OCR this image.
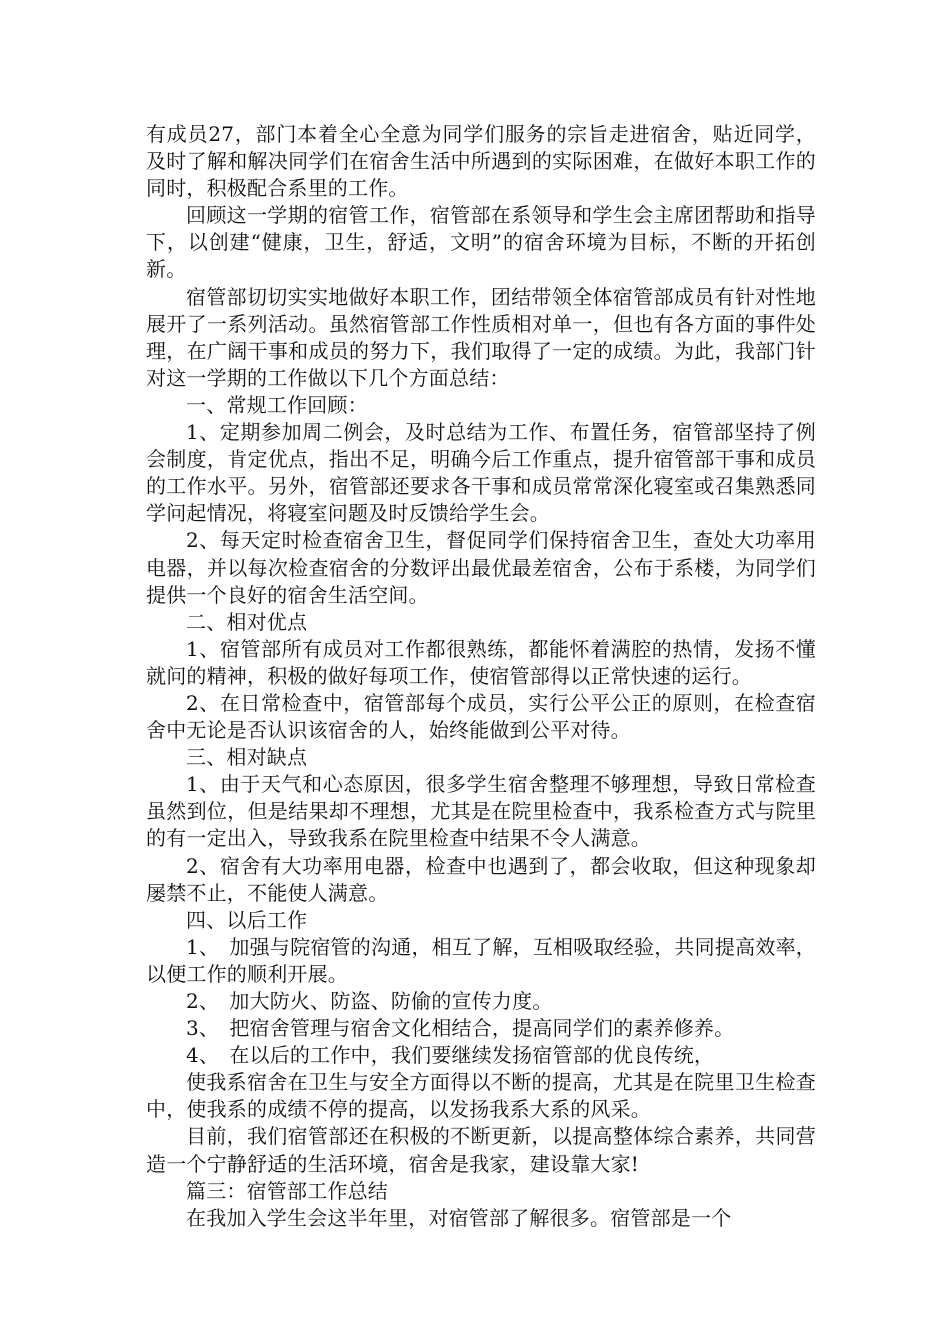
有成员27，部门本着全心全意为同学们服务的宗旨走进宿舍，贴近同学，及时了解和解决同学们在宿舍生活中所遇到的实际困难，在做好本职工作的同时，积极配合系里的工作。

回顾这一学期的宿管工作，宿管部在系领导和学生会主席团帮助和指导下，以创建“健康，卫生，舒适，文明”的宿舍环境为目标，不断的开拓创新。

宿管部切切实实地做好本职工作，团结带领全体宿管部成员有针对性地展开了一系列活动。虽然宿管部工作性质相对单一，但也有各方面的事件处理，在广阔干事和成员的努力下，我们取得了一定的成绩。为此，我部门针对这一学期的工作做以下几个方面总结：

一、常规工作回顾：

1、定期参加周二例会，及时总结为工作、布置任务，宿管部坚持了例会制度，肯定优点，指出不足，明确今后工作重点，提升宿管部干事和成员的工作水平。另外，宿管部还要求各干事和成员常常深化寝室或召集熟悉同学问起情况，将寝室问题及时反馈给学生会。

2、每天定时检查宿舍卫生，督促同学们保持宿舍卫生，查处大功率用电器，并以每次检查宿舍的分数评出最优最差宿舍，公布于系楼，为同学们提供一个良好的宿舍生活空间。

二、相对优点

1、宿管部所有成员对工作都很熟练，都能怀着满腔的热情，发扬不懂就问的精神，积极的做好每项工作，使宿管部得以正常快速的运行。

2、在日常检查中，宿管部每个成员，实行公平公正的原则，在检查宿舍中无论是否认识该宿舍的人，始终能做到公平对待。

三、相对缺点

1、由于天气和心态原因，很多学生宿舍整理不够理想，导致日常检查虽然到位，但是结果却不理想，尤其是在院里检查中，我系检查方式与院里的有一定出入，导致我系在院里检查中结果不令人满意。

2、宿舍有大功率用电器，检查中也遇到了，都会收取，但这种现象却屡禁不止，不能使人满意。

四、以后工作

1、　加强与院宿管的沟通，相互了解，互相吸取经验，共同提高效率，以便工作的顺利开展。

2、　加大防火、防盗、防偷的宣传力度。

3、　把宿舍管理与宿舍文化相结合，提高同学们的素养修养。

4、　在以后的工作中，我们要继续发扬宿管部的优良传统，

使我系宿舍在卫生与安全方面得以不断的提高，尤其是在院里卫生检查中，使我系的成绩不停的提高，以发扬我系大系的风采。

目前，我们宿管部还在积极的不断更新，以提高整体综合素养，共同营造一个宁静舒适的生活环境，宿舍是我家，建设靠大家!

篇三：宿管部工作总结

在我加入学生会这半年里，对宿管部了解很多。宿管部是一个
